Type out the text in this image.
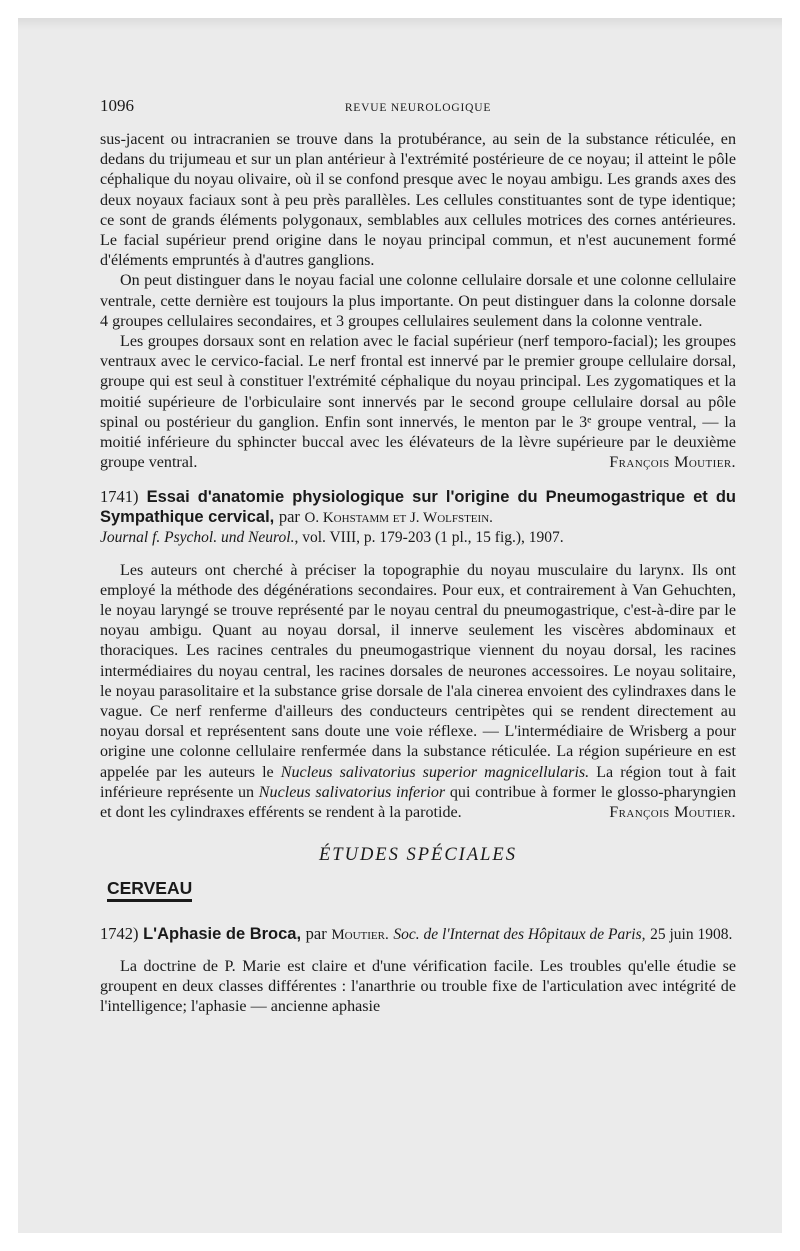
1096	REVUE NEUROLOGIQUE

sus-jacent ou intracranien se trouve dans la protubérance, au sein de la substance réticulée, en dedans du trijumeau et sur un plan antérieur à l'extrémité postérieure de ce noyau; il atteint le pôle céphalique du noyau olivaire, où il se confond presque avec le noyau ambigu. Les grands axes des deux noyaux faciaux sont à peu près parallèles. Les cellules constituantes sont de type identique; ce sont de grands éléments polygonaux, semblables aux cellules motrices des cornes antérieures. Le facial supérieur prend origine dans le noyau principal commun, et n'est aucunement formé d'éléments empruntés à d'autres ganglions.

On peut distinguer dans le noyau facial une colonne cellulaire dorsale et une colonne cellulaire ventrale, cette dernière est toujours la plus importante. On peut distinguer dans la colonne dorsale 4 groupes cellulaires secondaires, et 3 groupes cellulaires seulement dans la colonne ventrale.

Les groupes dorsaux sont en relation avec le facial supérieur (nerf temporo-facial); les groupes ventraux avec le cervico-facial. Le nerf frontal est innervé par le premier groupe cellulaire dorsal, groupe qui est seul à constituer l'extrémité céphalique du noyau principal. Les zygomatiques et la moitié supérieure de l'orbiculaire sont innervés par le second groupe cellulaire dorsal au pôle spinal ou postérieur du ganglion. Enfin sont innervés, le menton par le 3ᵉ groupe ventral, — la moitié inférieure du sphincter buccal avec les élévateurs de la lèvre supérieure par le deuxième groupe ventral.	François Moutier.

1741) Essai d'anatomie physiologique sur l'origine du Pneumogastrique et du Sympathique cervical, par O. Kohstamm et J. Wolfstein.

Journal f. Psychol. und Neurol., vol. VIII, p. 179-203 (1 pl., 15 fig.), 1907.

Les auteurs ont cherché à préciser la topographie du noyau musculaire du larynx. Ils ont employé la méthode des dégénérations secondaires. Pour eux, et contrairement à Van Gehuchten, le noyau laryngé se trouve représenté par le noyau central du pneumogastrique, c'est-à-dire par le noyau ambigu. Quant au noyau dorsal, il innerve seulement les viscères abdominaux et thoraciques. Les racines centrales du pneumogastrique viennent du noyau dorsal, les racines intermédiaires du noyau central, les racines dorsales de neurones accessoires. Le noyau solitaire, le noyau parasolitaire et la substance grise dorsale de l'ala cinerea envoient des cylindraxes dans le vague. Ce nerf renferme d'ailleurs des conducteurs centripètes qui se rendent directement au noyau dorsal et représentent sans doute une voie réflexe. — L'intermédiaire de Wrisberg a pour origine une colonne cellulaire renfermée dans la substance réticulée. La région supérieure en est appelée par les auteurs le Nucleus salivatorius superior magnicellularis. La région tout à fait inférieure représente un Nucleus salivatorius inferior qui contribue à former le glosso-pharyngien et dont les cylindraxes efférents se rendent à la parotide.	François Moutier.

ÉTUDES SPÉCIALES
CERVEAU

1742) L'Aphasie de Broca, par Moutier. Soc. de l'Internat des Hôpitaux de Paris, 25 juin 1908.

La doctrine de P. Marie est claire et d'une vérification facile. Les troubles qu'elle étudie se groupent en deux classes différentes : l'anarthrie ou trouble fixe de l'articulation avec intégrité de l'intelligence; l'aphasie — ancienne aphasie
